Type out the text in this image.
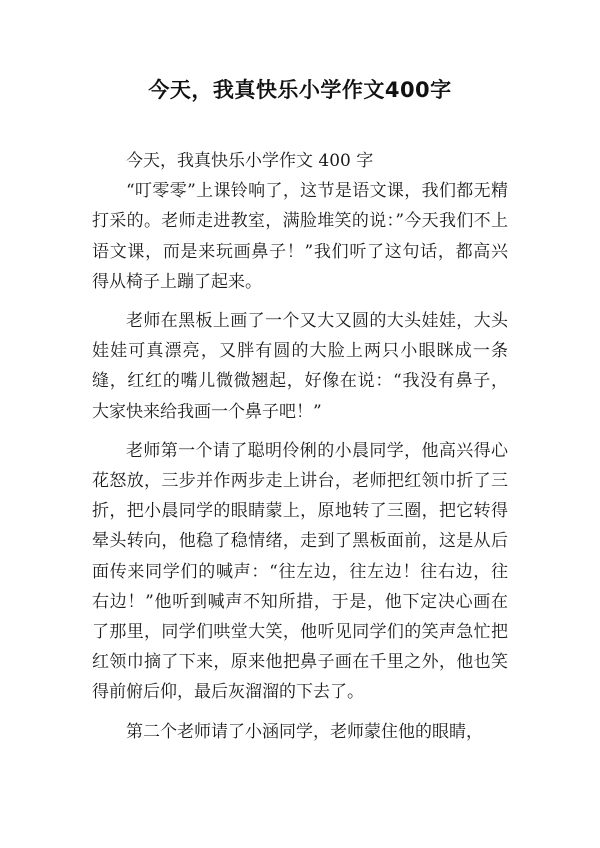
今天，我真快乐小学作文400字

今天，我真快乐小学作文 400 字

“叮零零”上课铃响了，这节是语文课，我们都无精打采的。老师走进教室，满脸堆笑的说：”今天我们不上语文课，而是来玩画鼻子！”我们听了这句话，都高兴得从椅子上蹦了起来。

老师在黑板上画了一个又大又圆的大头娃娃，大头娃娃可真漂亮，又胖有圆的大脸上两只小眼眯成一条缝，红红的嘴儿微微翘起，好像在说：“我没有鼻子，大家快来给我画一个鼻子吧！”

老师第一个请了聪明伶俐的小晨同学，他高兴得心花怒放，三步并作两步走上讲台，老师把红领巾折了三折，把小晨同学的眼睛蒙上，原地转了三圈，把它转得晕头转向，他稳了稳情绪，走到了黑板面前，这是从后面传来同学们的喊声：“往左边，往左边！往右边，往右边！”他听到喊声不知所措，于是，他下定决心画在了那里，同学们哄堂大笑，他听见同学们的笑声急忙把红领巾摘了下来，原来他把鼻子画在千里之外，他也笑得前俯后仰，最后灰溜溜的下去了。

第二个老师请了小涵同学，老师蒙住他的眼睛，
